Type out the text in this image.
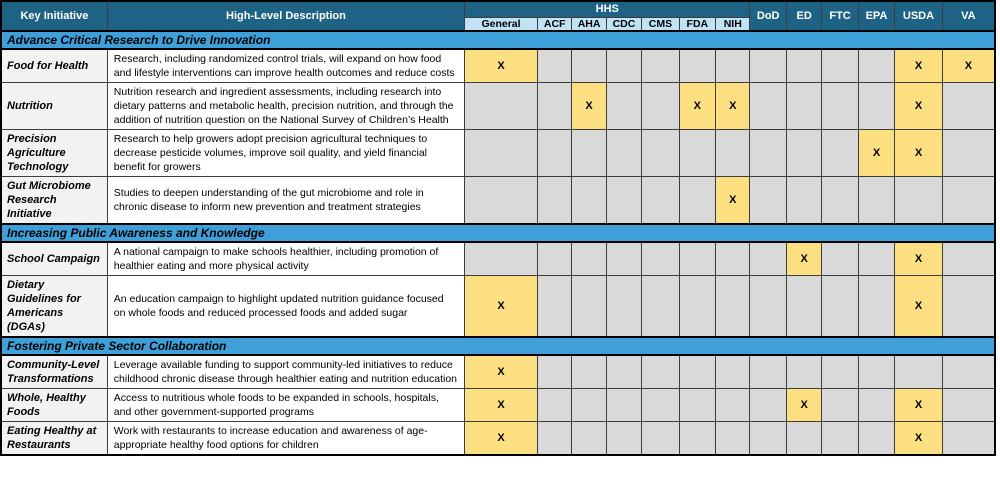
Key Initiative	High-Level Description	HHS							DoD	ED	FTC	EPA	USDA	VA
		General	ACF	AHA	CDC	CMS	FDA	NIH						
Advance Critical Research to Drive Innovation														
Food for Health	Research, including randomized control trials, will expand on how food and lifestyle interventions can improve health outcomes and reduce costs	X											X	X
Nutrition	Nutrition research and ingredient assessments, including research into dietary patterns and metabolic health, precision nutrition, and through the addition of nutrition question on the National Survey of Children’s Health			X			X	X					X	
Precision Agriculture Technology	Research to help growers adopt precision agricultural techniques to decrease pesticide volumes, improve soil quality, and yield financial benefit for growers											X	X	
Gut Microbiome Research Initiative	Studies to deepen understanding of the gut microbiome and role in chronic disease to inform new prevention and treatment strategies							X						
Increasing Public Awareness and Knowledge														
School Campaign	A national campaign to make schools healthier, including promotion of healthier eating and more physical activity									X			X	
Dietary Guidelines for Americans (DGAs)	An education campaign to highlight updated nutrition guidance focused on whole foods and reduced processed foods and added sugar	X											X	
Fostering Private Sector Collaboration														
Community-Level Transformations	Leverage available funding to support community-led initiatives to reduce childhood chronic disease through healthier eating and nutrition education	X												
Whole, Healthy Foods	Access to nutritious whole foods to be expanded in schools, hospitals, and other government-supported programs	X								X			X	
Eating Healthy at Restaurants	Work with restaurants to increase education and awareness of age-appropriate healthy food options for children	X											X	
